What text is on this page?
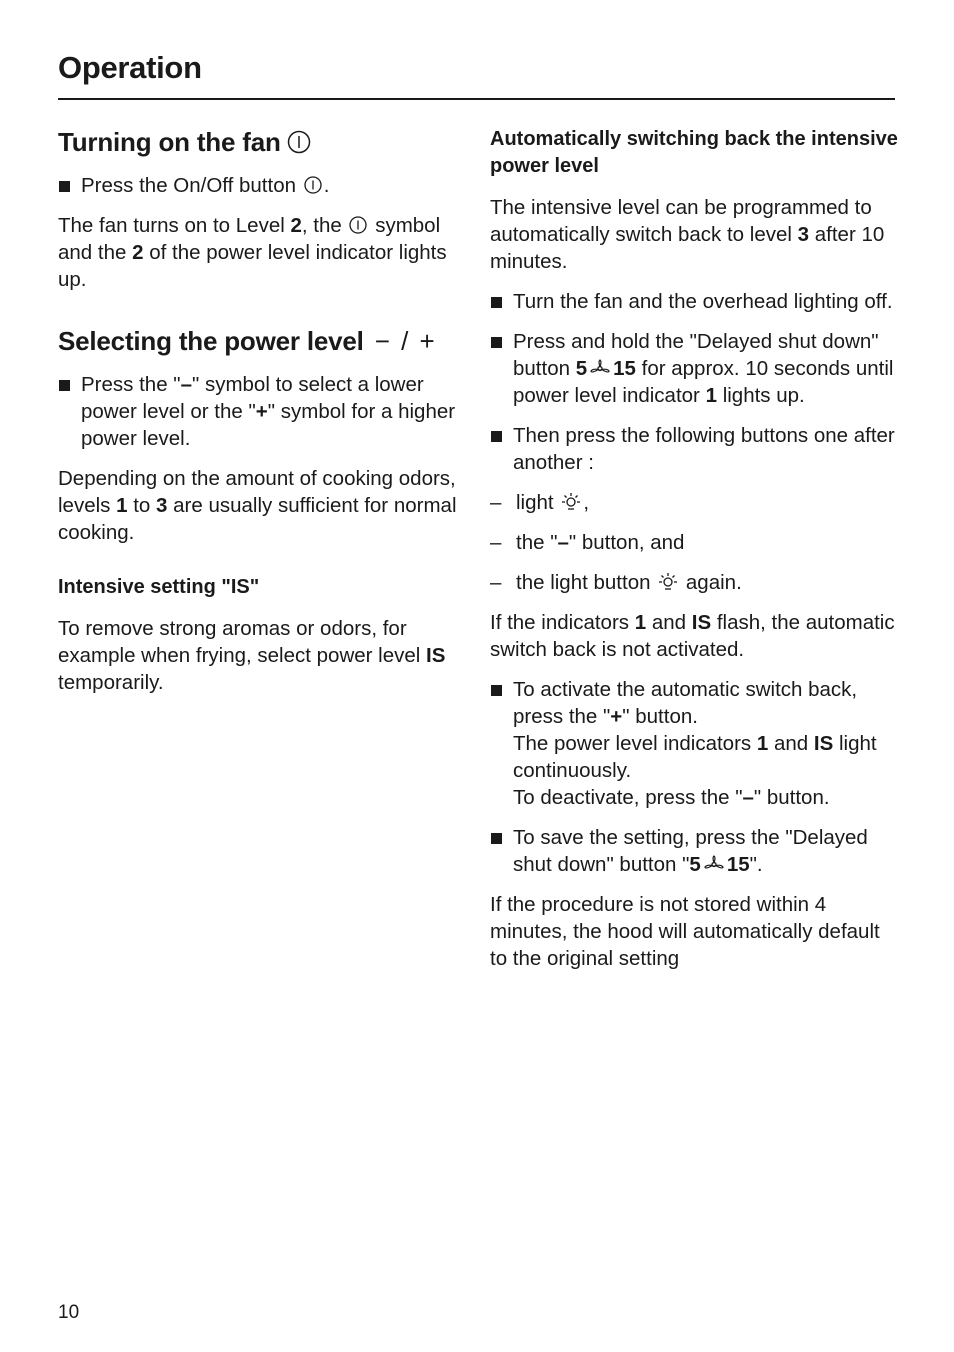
Operation
Turning on the fan
Press the On/Off button .

The fan turns on to Level 2, the symbol and the 2 of the power level indicator lights up.

Selecting the power level − / +
Press the "–" symbol to select a lower power level or the "+" symbol for a higher power level.

Depending on the amount of cooking odors, levels 1 to 3 are usually sufficient for normal cooking.

Intensive setting "IS"

To remove strong aromas or odors, for example when frying, select power level IS temporarily.

Automatically switching back the intensive power level

The intensive level can be programmed to automatically switch back to level 3 after 10 minutes.

Turn the fan and the overhead lighting off.
Press and hold the "Delayed shut down" button 5 15 for approx. 10 seconds until power level indicator 1 lights up.
Then press the following buttons one after another :
– light ,
– the "–" button, and
– the light button again.

If the indicators 1 and IS flash, the automatic switch back is not activated.

To activate the automatic switch back, press the "+" button.
The power level indicators 1 and IS light continuously.
To deactivate, press the "–" button.
To save the setting, press the "Delayed shut down" button "5 15".

If the procedure is not stored within 4 minutes, the hood will automatically default to the original setting

10
